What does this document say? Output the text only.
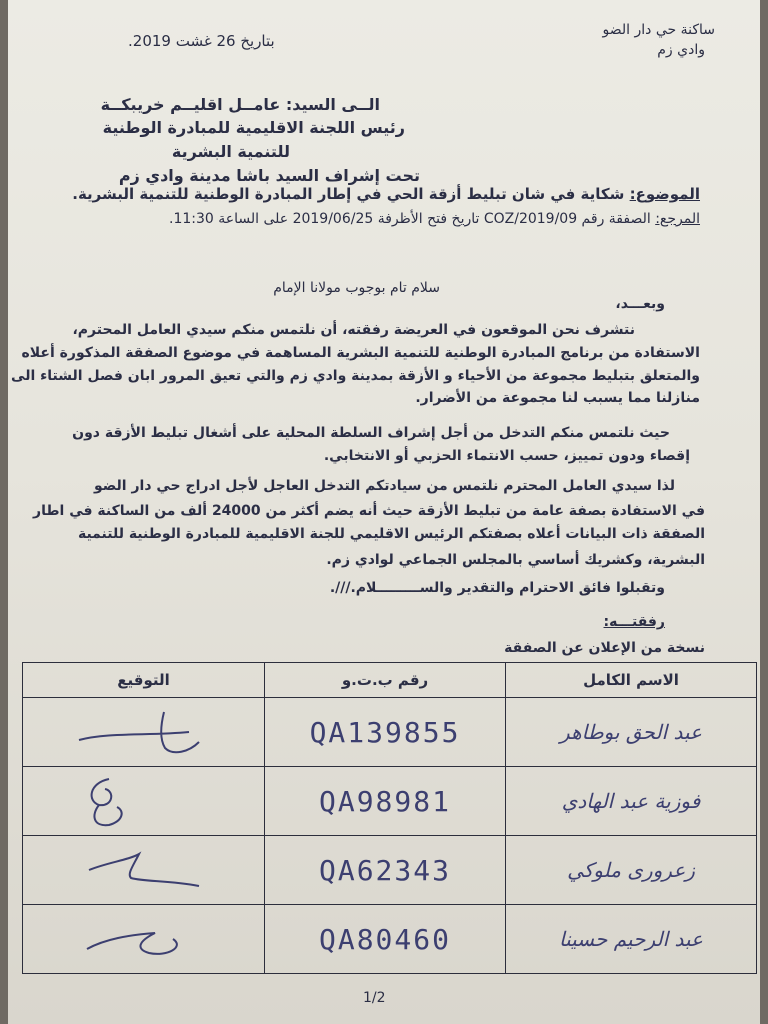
بتاريخ 26 غشت 2019.
ساكنة حي دار الضو
وادي زم
الــى السيد: عامــل اقليــم خريبكــة
رئيس اللجنة الاقليمية للمبادرة الوطنية
للتنمية البشرية
تحت إشراف السيد باشا مدينة وادي زم
الموضوع: شكاية في شان تبليط أزقة الحي في إطار المبادرة الوطنية للتنمية البشرية.
المرجع: الصفقة رقم COZ/2019/09 تاريخ فتح الأظرفة 2019/06/25 على الساعة 11:30.
سلام تام بوجوب مولانا الإمام
وبعـــد،
نتشرف نحن الموقعون في العريضة رفقته، أن نلتمس منكم سيدي العامل المحترم،
الاستفادة من برنامج المبادرة الوطنية للتنمية البشرية المساهمة في موضوع الصفقة المذكورة أعلاه
والمتعلق بتبليط مجموعة من الأحياء و الأزقة بمدينة وادي زم والتي تعيق المرور ابان فصل الشتاء الى
منازلنا مما يسبب لنا مجموعة من الأضرار.
حيث نلتمس منكم التدخل من أجل إشراف السلطة المحلية على أشغال تبليط الأزقة دون
إقصاء ودون تمييز، حسب الانتماء الحزبي أو الانتخابي.
لذا سيدي العامل المحترم نلتمس من سيادتكم التدخل العاجل لأجل ادراج حي دار الضو
في الاستفادة بصفة عامة من تبليط الأزقة حيث أنه يضم أكثر من 24000 ألف من الساكنة في اطار
الصفقة ذات البيانات أعلاه بصفتكم الرئيس الاقليمي للجنة الاقليمية للمبادرة الوطنية للتنمية
البشرية، وكشريك أساسي بالمجلس الجماعي لوادي زم.
وتقبلوا فائق الاحترام والتقدير والســـــــــلام.///.
رفقتـــه:
نسخة من الإعلان عن الصفقة
الاسم الكامل	رقم ب.ت.و	التوقيع
عبد الحق بوطاهر	QA139855	

فوزية عبد الهادي	QA98981	

زعرورى ملوكي	QA62343	

عبد الرحيم حسينا	QA80460	
1/2
